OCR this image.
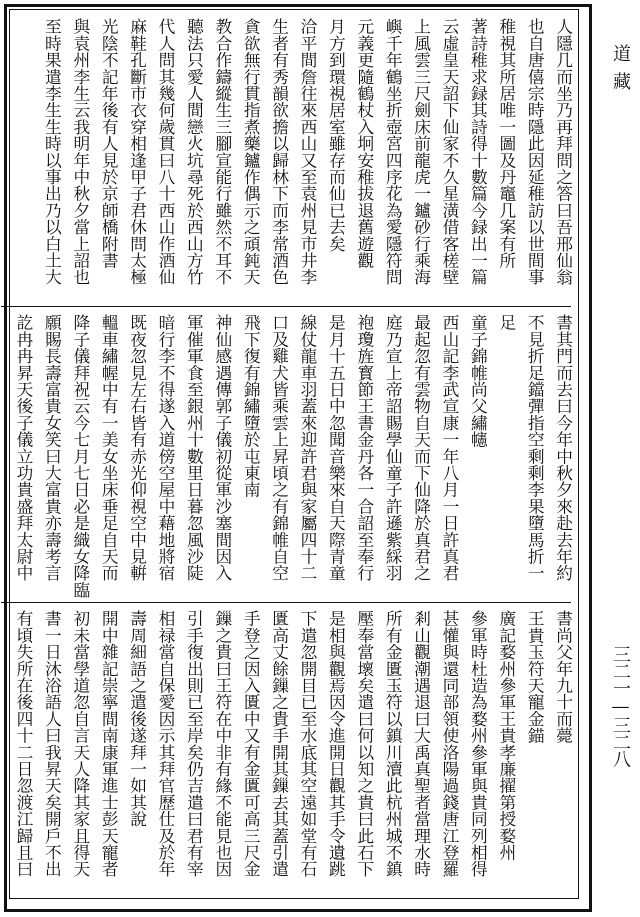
道藏
三二一—三二八
人隱几而坐乃再拜問之答曰吾邢仙翁
也自唐僖宗時隱此因延稚訪以世間事
稚視其所居唯一圖及丹竈几案有所
著詩稚求録其詩得十數篇今録出一篇
云虛皇天詔下仙家不久星潢借客槎壁
上風雲三尺劍床前龍虎一鑪砂行乘海
嶼千年鶴坐折壺宮四序花為愛隱符問
元義更隨鶴杖入坰安稚拔退舊遊觀
月方到環視居室雖存而仙已去矣
洽平間詹往來西山又至袁州見市井李
生者有秀韻欲擔以歸林下而李常酒色
貪欲無行貫指煮藥鑪作偶示之頑鈍天
教合作鑄縱生三腳宣能行雖然不耳不
聽法只愛人間戀火坑尋死於西山方竹
代人問其幾何歲貫曰八十西山作酒仙
麻鞋孔斷市衣穿相逢甲子君休問太極
光陰不記年後有人見於京師橋附書
與袁州李生云我明年中秋夕當上詔也
至時果遣李生生時以事出乃以白土大
書其門而去曰今年中秋夕來赴去年約
不見折足鐺彈指空剩剩李果墮馬折一
足
童子錦帷尚父繡幰
西山記李武宣康一年八月一日許真君
最起忽有雲物自天而下仙降於真君之
庭乃宣上帝詔賜學仙童子許遜紫綵羽
袍瓊旌寳節王書金丹各一合詔至奉行
是月十五日中忽聞音樂來自天際青童
線仗龍車羽蓋來迎許君與家屬四十二
口及雞犬皆乘雲上昇頃之有錦帷自空
飛下復有錦繡墮於屯東南
神仙感遇傳郭子儀初從軍沙塞間因入
軍催軍食至銀州十數里日暮忽風沙陡
暗行李不得遂入道傍空屋中藉地將宿
既夜忽見左右皆有赤光仰視空中見輧
轀車繡幄中有一美女坐床垂足自天而
降子儀拜祝云今七月七日必是織女降臨
願賜長壽富貴女笑曰大富貴亦壽考言
訖冉冉昇天後子儀立功貴盛拜太尉中
書尚父年九十而薨
王貴玉符天寵金錨
廣記婺州參軍王貴孝廉擢第授婺州
參軍時杜造為婺州參軍與貴同列相得
甚懽與還同部領使洛陽過錢唐江登羅
剎山觀潮遇退曰大禹真聖者當理水時
所有金匱玉符以鎮川瀆此杭州城不鎮
壓奉當壞矣遣曰何以知之貴曰此石下
是相與觀焉因令進開日觀其手令遺跳
下遣忽開目已至水底其空遠如堂有石
匱高丈餘鏁之貴手開其鏁去其蓋引遣
手登之因入匱中又有金匱可高三尺金
鏁之貴曰王符在中非有緣不能見也因
引手復出則已至岸矣仍吉遣曰君有宰
相禄當自保愛因示其拜官歷仕及於年
壽周細語之遣後遂拜一如其說
開中雜記崇寧間南康軍進士彭天寵者
初未當學道忽自言天人降其家且得天
書一日沐浴語人曰我昇天矣開戶不出
有頃失所在後四十二日忽渡江歸且曰
